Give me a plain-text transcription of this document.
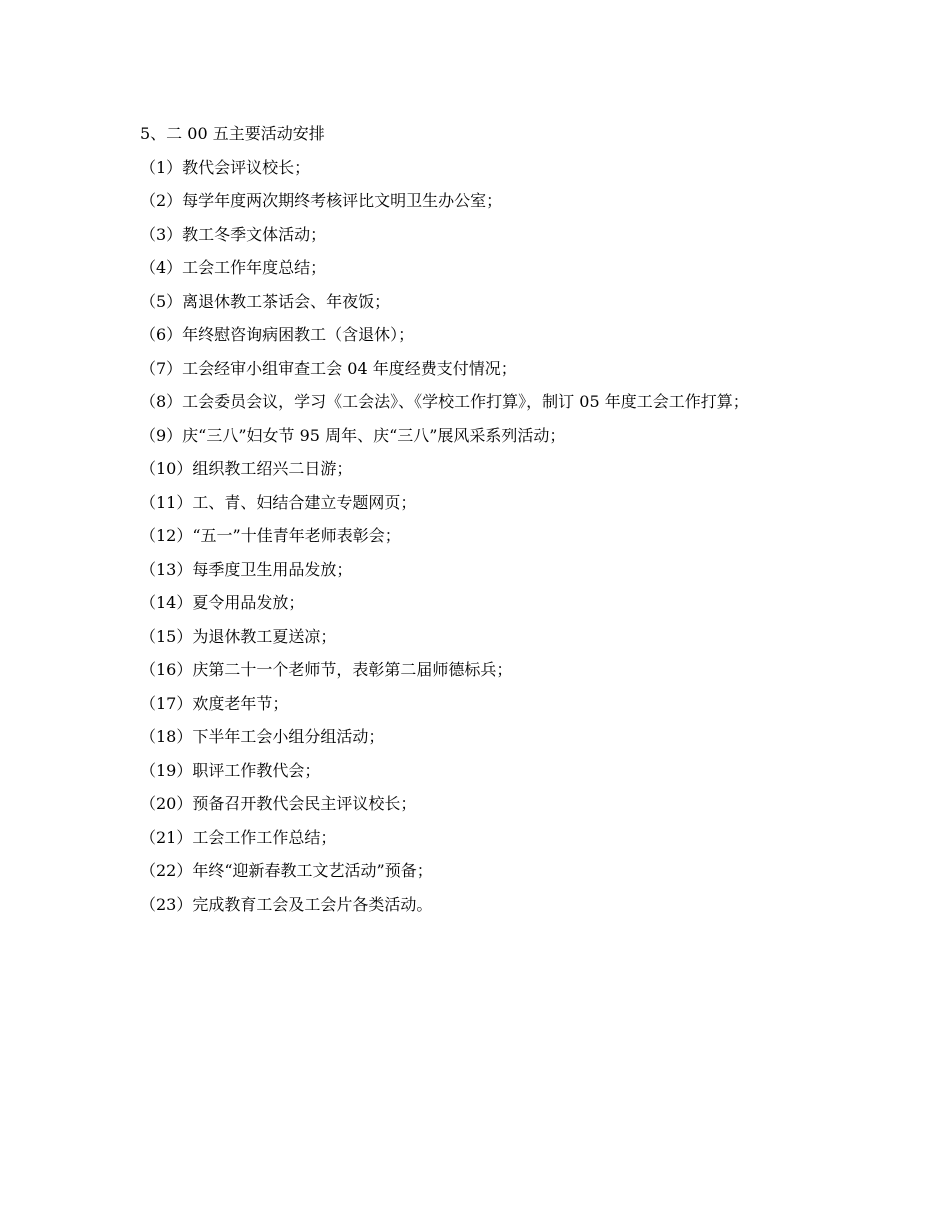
5、二 00 五主要活动安排
（1）教代会评议校长；
（2）每学年度两次期终考核评比文明卫生办公室；
（3）教工冬季文体活动；
（4）工会工作年度总结；
（5）离退休教工茶话会、年夜饭；
（6）年终慰咨询病困教工（含退休）；
（7）工会经审小组审查工会 04 年度经费支付情况；
（8）工会委员会议，学习《工会法》、《学校工作打算》，制订 05 年度工会工作打算；
（9）庆“三八”妇女节 95 周年、庆“三八”展风采系列活动；
（10）组织教工绍兴二日游；
（11）工、青、妇结合建立专题网页；
（12）“五一”十佳青年老师表彰会；
（13）每季度卫生用品发放；
（14）夏令用品发放；
（15）为退休教工夏送凉；
（16）庆第二十一个老师节，表彰第二届师德标兵；
（17）欢度老年节；
（18）下半年工会小组分组活动；
（19）职评工作教代会；
（20）预备召开教代会民主评议校长；
（21）工会工作工作总结；
（22）年终“迎新春教工文艺活动”预备；
（23）完成教育工会及工会片各类活动。
